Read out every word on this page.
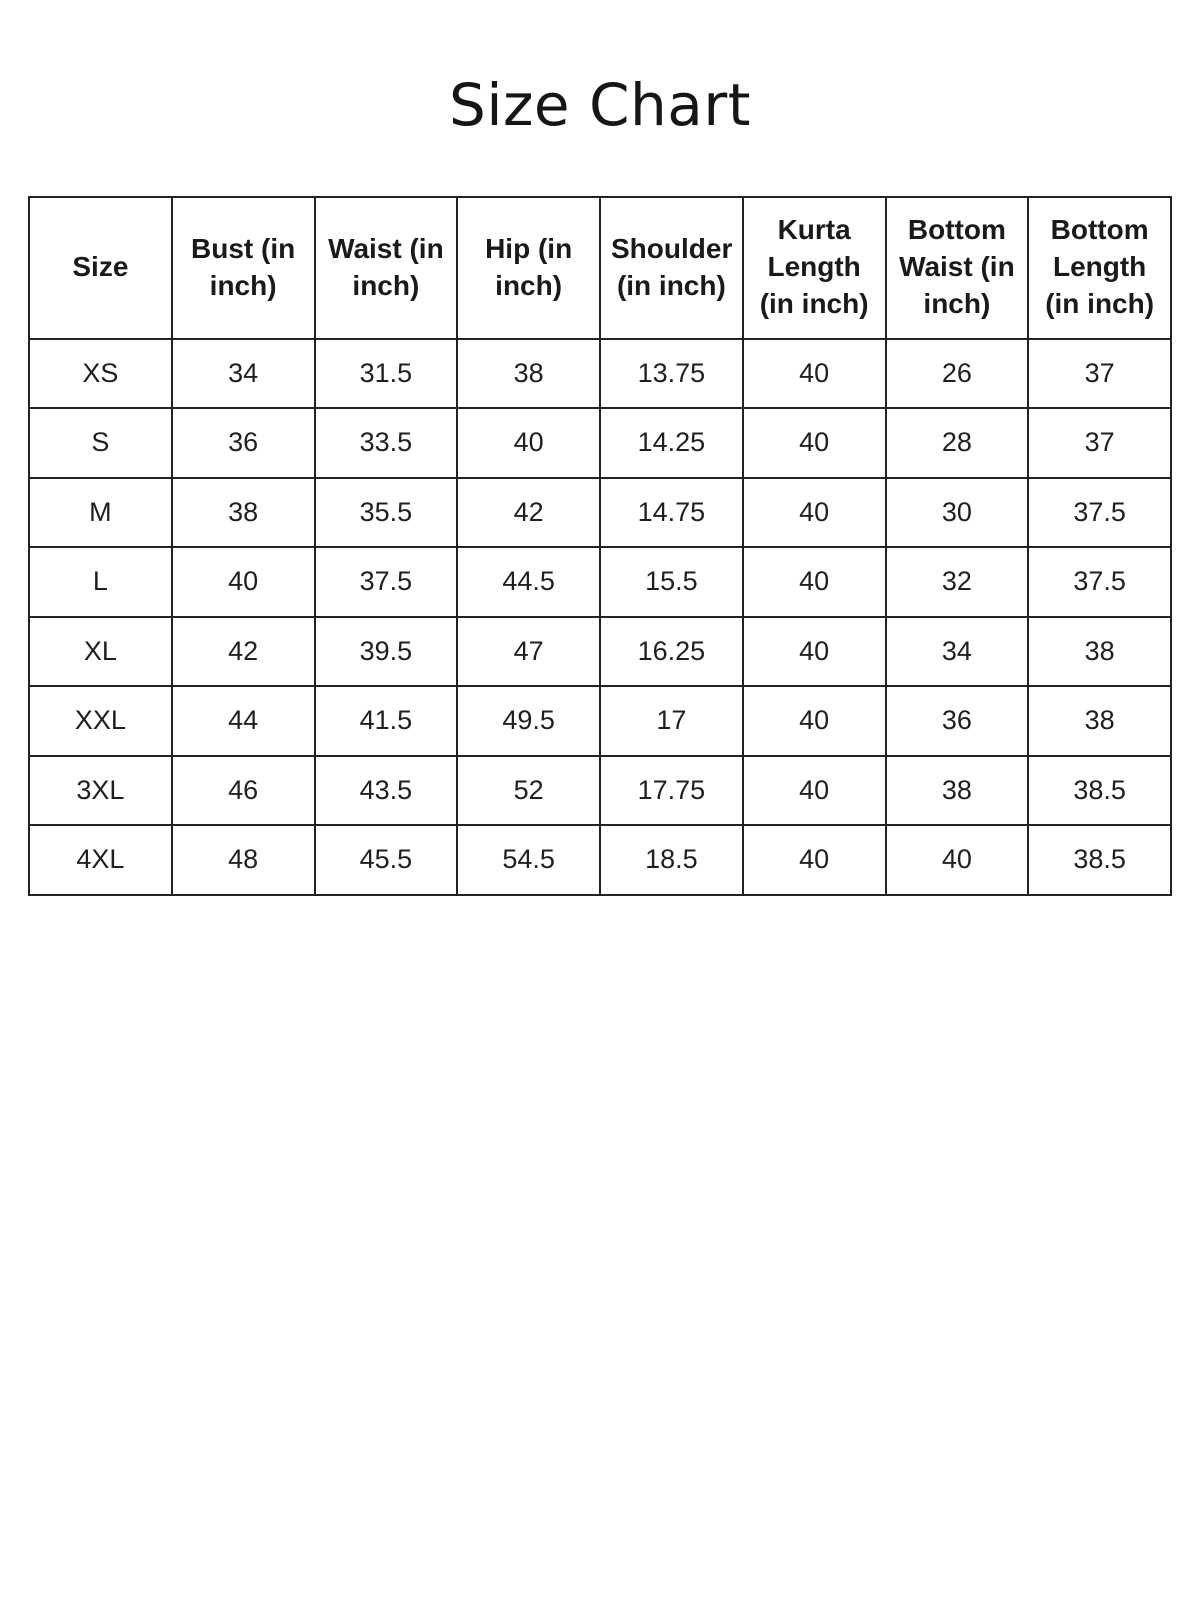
Size Chart
Size	Bust (in inch)	Waist (in inch)	Hip (in inch)	Shoulder (in inch)	Kurta Length (in inch)	Bottom Waist (in inch)	Bottom Length (in inch)
XS	34	31.5	38	13.75	40	26	37
S	36	33.5	40	14.25	40	28	37
M	38	35.5	42	14.75	40	30	37.5
L	40	37.5	44.5	15.5	40	32	37.5
XL	42	39.5	47	16.25	40	34	38
XXL	44	41.5	49.5	17	40	36	38
3XL	46	43.5	52	17.75	40	38	38.5
4XL	48	45.5	54.5	18.5	40	40	38.5
